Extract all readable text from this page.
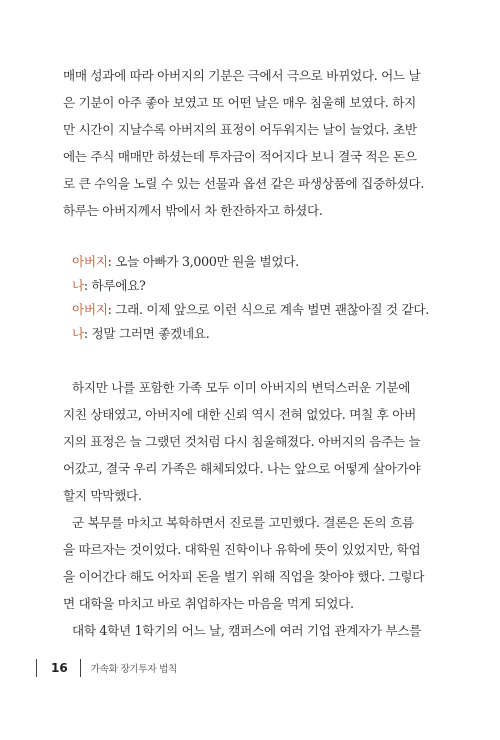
매매 성과에 따라 아버지의 기분은 극에서 극으로 바뀌었다. 어느 날
은 기분이 아주 좋아 보였고 또 어떤 날은 매우 침울해 보였다. 하지
만 시간이 지날수록 아버지의 표정이 어두워지는 날이 늘었다. 초반
에는 주식 매매만 하셨는데 투자금이 적어지다 보니 결국 적은 돈으
로 큰 수익을 노릴 수 있는 선물과 옵션 같은 파생상품에 집중하셨다.
하루는 아버지께서 밖에서 차 한잔하자고 하셨다.
아버지: 오늘 아빠가 3,000만 원을 벌었다.
나: 하루에요?
아버지: 그래. 이제 앞으로 이런 식으로 계속 벌면 괜찮아질 것 같다.
나: 정말 그러면 좋겠네요.
하지만 나를 포함한 가족 모두 이미 아버지의 변덕스러운 기분에
지친 상태였고, 아버지에 대한 신뢰 역시 전혀 없었다. 며칠 후 아버
지의 표정은 늘 그랬던 것처럼 다시 침울해졌다. 아버지의 음주는 늘
어갔고, 결국 우리 가족은 해체되었다. 나는 앞으로 어떻게 살아가야
할지 막막했다.
군 복무를 마치고 복학하면서 진로를 고민했다. 결론은 돈의 흐름
을 따르자는 것이었다. 대학원 진학이나 유학에 뜻이 있었지만, 학업
을 이어간다 해도 어차피 돈을 벌기 위해 직업을 찾아야 했다. 그렇다
면 대학을 마치고 바로 취업하자는 마음을 먹게 되었다.
대학 4학년 1학기의 어느 날, 캠퍼스에 여러 기업 관계자가 부스를
16 가속화 장기투자 법칙
